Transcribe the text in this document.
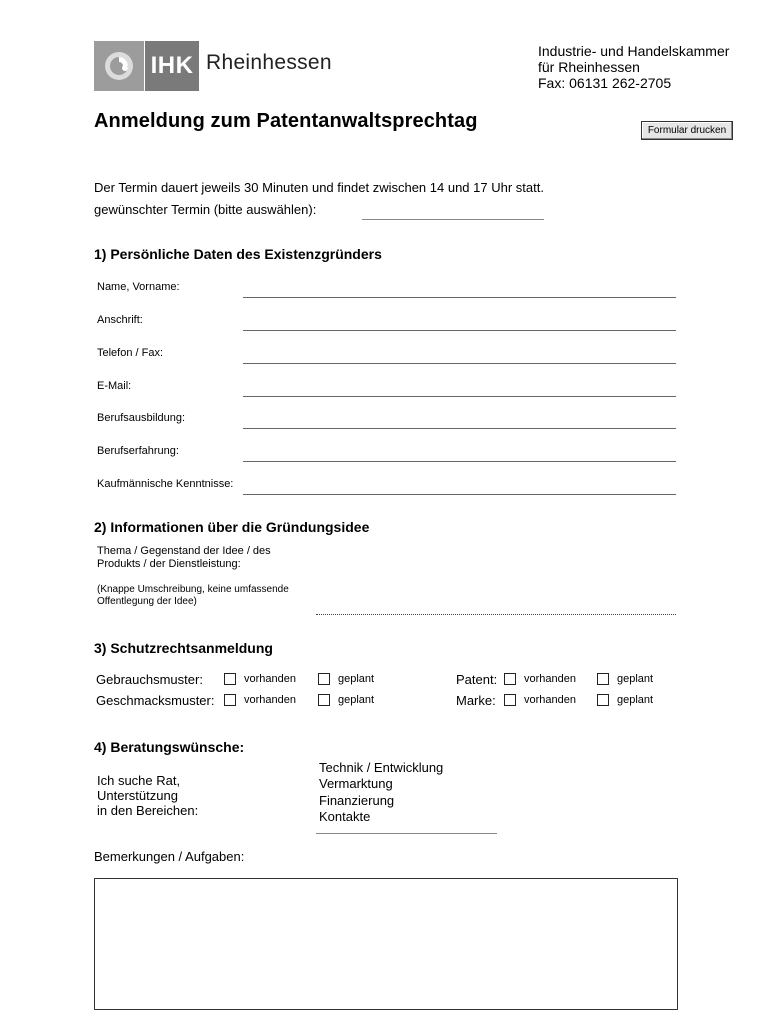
IHK Rheinhessen	Industrie- und Handelskammer
für Rheinhessen
Fax: 06131 262-2705
Anmeldung zum Patentanwaltsprechtag	Formular drucken
Der Termin dauert jeweils 30 Minuten und findet zwischen 14 und 17 Uhr statt.
gewünschter Termin (bitte auswählen):
1) Persönliche Daten des Existenzgründers
Name, Vorname:
Anschrift:
Telefon / Fax:
E-Mail:
Berufsausbildung:
Berufserfahrung:
Kaufmännische Kenntnisse:
2) Informationen über die Gründungsidee
Thema / Gegenstand der Idee / des
Produkts / der Dienstleistung:
(Knappe Umschreibung, keine umfassende
Offentlegung der Idee)
3) Schutzrechtsanmeldung
Gebrauchsmuster:	vorhanden	geplant	Patent: vorhanden	geplant
Geschmacksmuster:	vorhanden	geplant	Marke:	vorhanden	geplant
4) Beratungswünsche:
Ich suche Rat,
Unterstützung
in den Bereichen:
Technik / Entwicklung
Vermarktung
Finanzierung
Kontakte
Bemerkungen / Aufgaben:
